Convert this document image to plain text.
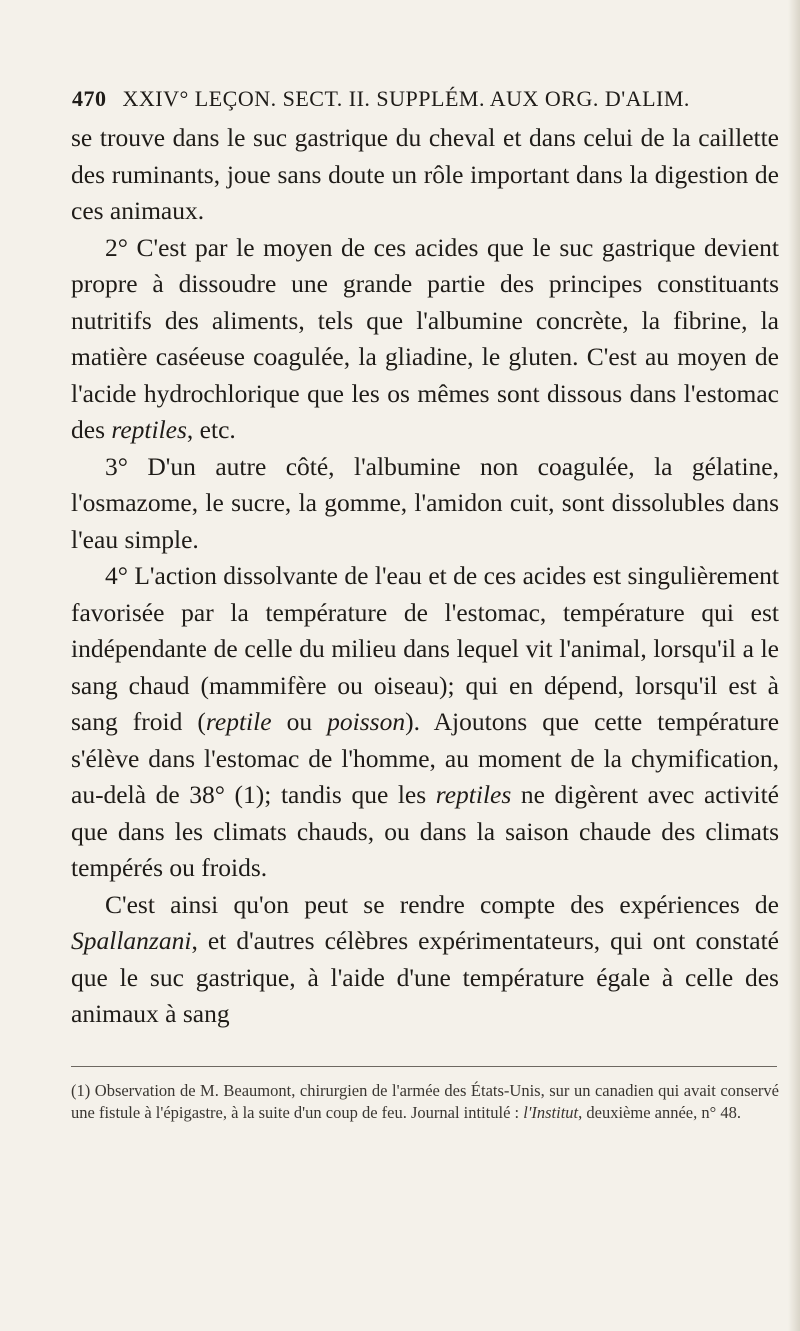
470 XXIV° LEÇON. SECT. II. SUPPLÉM. AUX ORG. D'ALIM.

se trouve dans le suc gastrique du cheval et dans celui de la caillette des ruminants, joue sans doute un rôle important dans la digestion de ces animaux.

2° C'est par le moyen de ces acides que le suc gastrique devient propre à dissoudre une grande partie des principes constituants nutritifs des aliments, tels que l'albumine concrète, la fibrine, la matière caséeuse coagulée, la gliadine, le gluten. C'est au moyen de l'acide hydrochlorique que les os mêmes sont dissous dans l'estomac des reptiles, etc.

3° D'un autre côté, l'albumine non coagulée, la gélatine, l'osmazome, le sucre, la gomme, l'amidon cuit, sont dissolubles dans l'eau simple.

4° L'action dissolvante de l'eau et de ces acides est singulièrement favorisée par la température de l'estomac, température qui est indépendante de celle du milieu dans lequel vit l'animal, lorsqu'il a le sang chaud (mammifère ou oiseau); qui en dépend, lorsqu'il est à sang froid (reptile ou poisson). Ajoutons que cette température s'élève dans l'estomac de l'homme, au moment de la chymification, au-delà de 38° (1); tandis que les reptiles ne digèrent avec activité que dans les climats chauds, ou dans la saison chaude des climats tempérés ou froids.

C'est ainsi qu'on peut se rendre compte des expériences de Spallanzani, et d'autres célèbres expérimentateurs, qui ont constaté que le suc gastrique, à l'aide d'une température égale à celle des animaux à sang

(1) Observation de M. Beaumont, chirurgien de l'armée des États-Unis, sur un canadien qui avait conservé une fistule à l'épigastre, à la suite d'un coup de feu. Journal intitulé : l'Institut, deuxième année, n° 48.
